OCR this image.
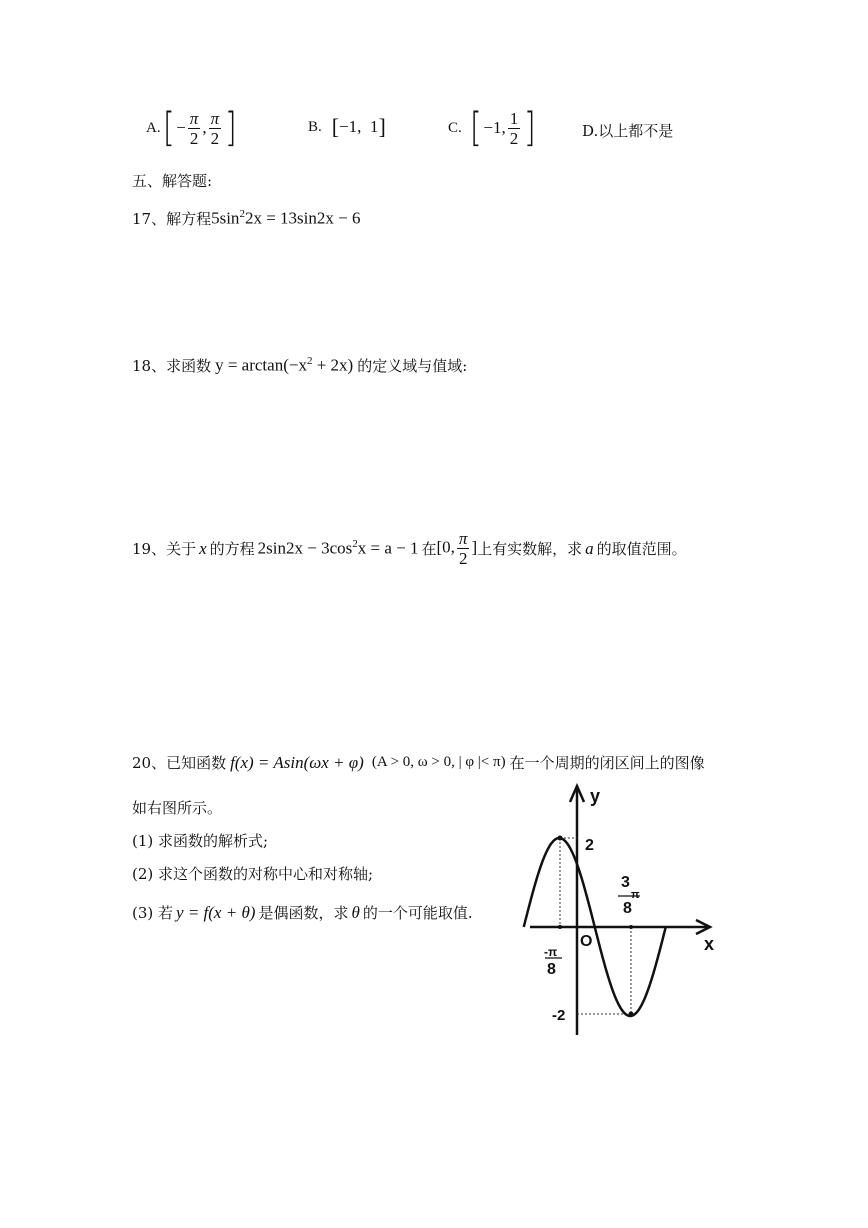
A. [ − $\frac{\pi}{2}$ , $\frac{\pi}{2}$ ]	B. [ −1,  1 ]	C. [ −1, $\frac{1}{2}$ ]	D.以上都不是
五、解答题:
17、解方程 $5\sin^22x = 13\sin 2x - 6$
18、求函数 $y = \arctan(-x^2 + 2x)$ 的定义域与值域:
19、关于 x 的方程 $2\sin 2x - 3\cos^2x = a - 1$ 在 [0, $\frac{\pi}{2}$ ] 上有实数解，求 a 的取值范围。
20、已知函数 f(x) = Asin(ωx + φ) (A > 0, ω > 0, | φ |< π) 在一个周期的闭区间上的图像
如右图所示。
(1) 求函数的解析式;
(2) 求这个函数的对称中心和对称轴;
(3) 若 y = f(x + θ) 是偶函数，求 θ 的一个可能取值.
y
x
O
2
-2
-π
8
3
π
8
